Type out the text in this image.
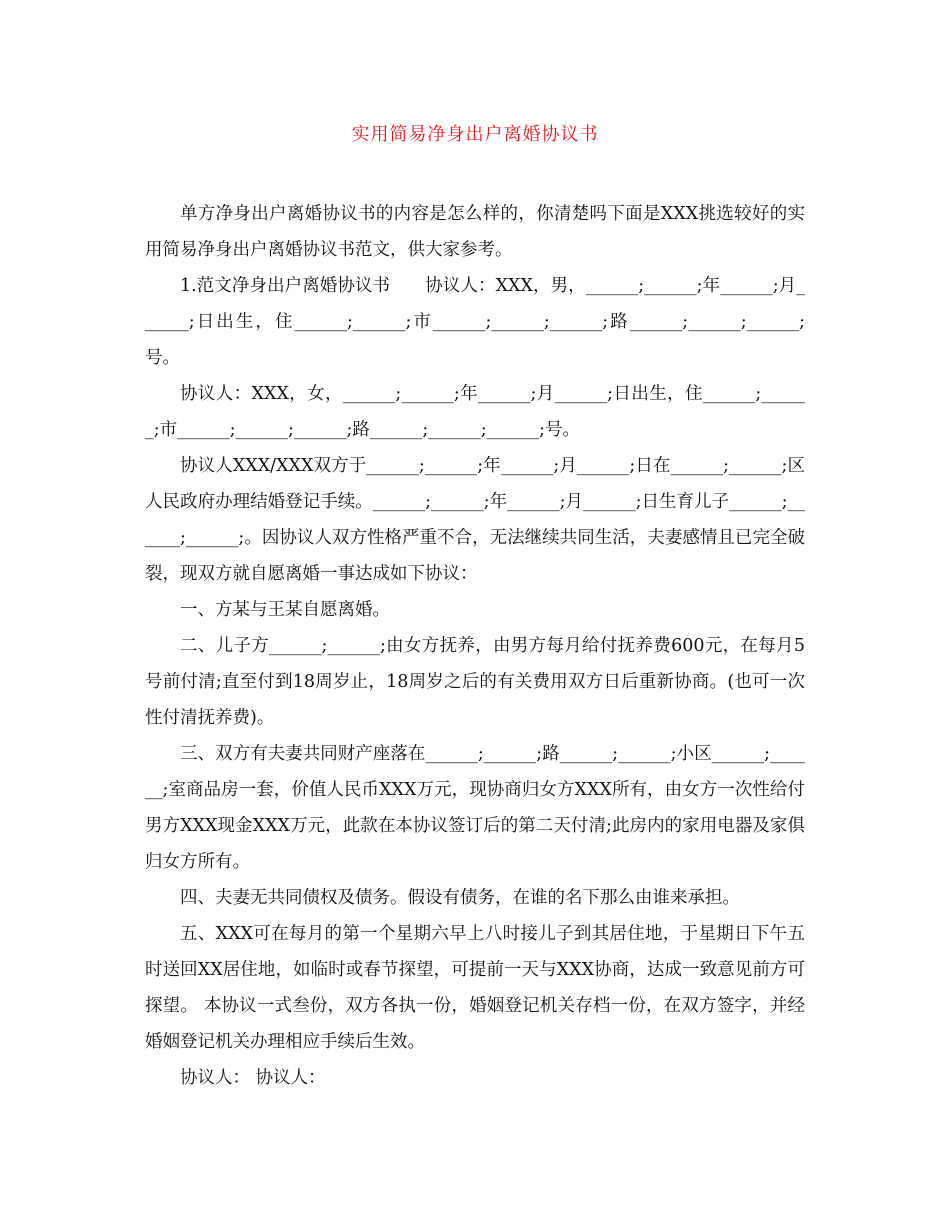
实用简易净身出户离婚协议书

单方净身出户离婚协议书的内容是怎么样的，你清楚吗下面是XXX挑选较好的实用简易净身出户离婚协议书范文，供大家参考。

1.范文净身出户离婚协议书　　协议人：XXX，男，______;______;年______;月______;日出生，住______;______;市______;______;______;路______;______;______;号。

协议人：XXX，女，______;______;年______;月______;日出生，住______;______;市______;______;______;路______;______;______;号。

协议人XXX/XXX双方于______;______;年______;月______;日在______;______;区人民政府办理结婚登记手续。______;______;年______;月______;日生育儿子______;______;______;。因协议人双方性格严重不合，无法继续共同生活，夫妻感情且已完全破裂，现双方就自愿离婚一事达成如下协议：

一、方某与王某自愿离婚。

二、儿子方______;______;由女方抚养，由男方每月给付抚养费600元，在每月5号前付清;直至付到18周岁止，18周岁之后的有关费用双方日后重新协商。(也可一次性付清抚养费)。

三、双方有夫妻共同财产座落在______;______;路______;______;小区______;______;室商品房一套，价值人民币XXX万元，现协商归女方XXX所有，由女方一次性给付男方XXX现金XXX万元，此款在本协议签订后的第二天付清;此房内的家用电器及家俱归女方所有。

四、夫妻无共同债权及债务。假设有债务，在谁的名下那么由谁来承担。

五、XXX可在每月的第一个星期六早上八时接儿子到其居住地，于星期日下午五时送回XX居住地，如临时或春节探望，可提前一天与XXX协商，达成一致意见前方可探望。 本协议一式叁份，双方各执一份，婚姻登记机关存档一份，在双方签字，并经婚姻登记机关办理相应手续后生效。

协议人： 协议人：
